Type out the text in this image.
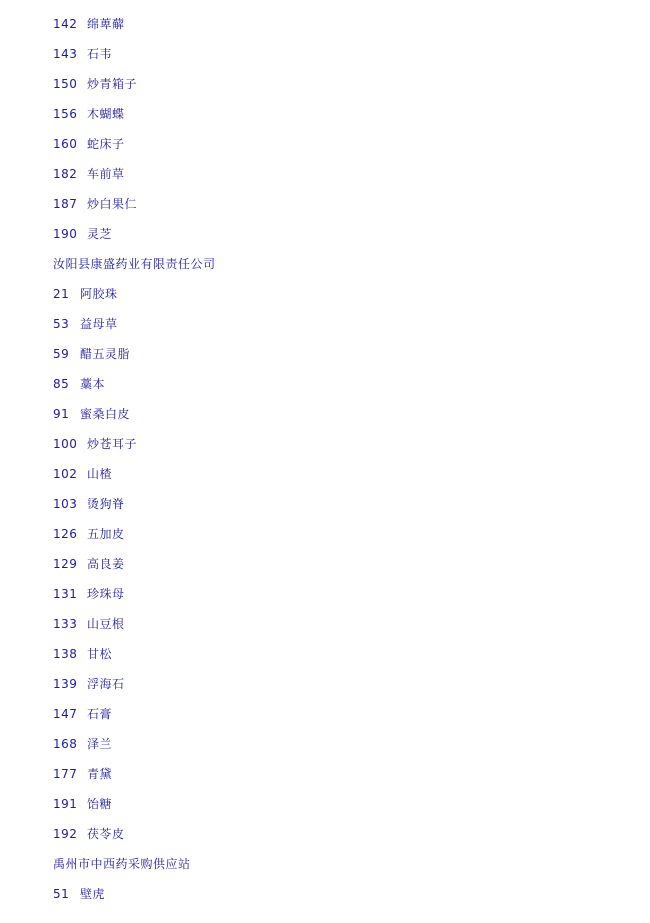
142 绵萆薢
143 石韦
150 炒青箱子
156 木蝴蝶
160 蛇床子
182 车前草
187 炒白果仁
190 灵芝
汝阳县康盛药业有限责任公司
21 阿胶珠
53 益母草
59 醋五灵脂
85 藁本
91 蜜桑白皮
100 炒苍耳子
102 山楂
103 烫狗脊
126 五加皮
129 高良姜
131 珍珠母
133 山豆根
138 甘松
139 浮海石
147 石膏
168 泽兰
177 青黛
191 饴糖
192 茯苓皮
禹州市中西药采购供应站
51 壁虎
